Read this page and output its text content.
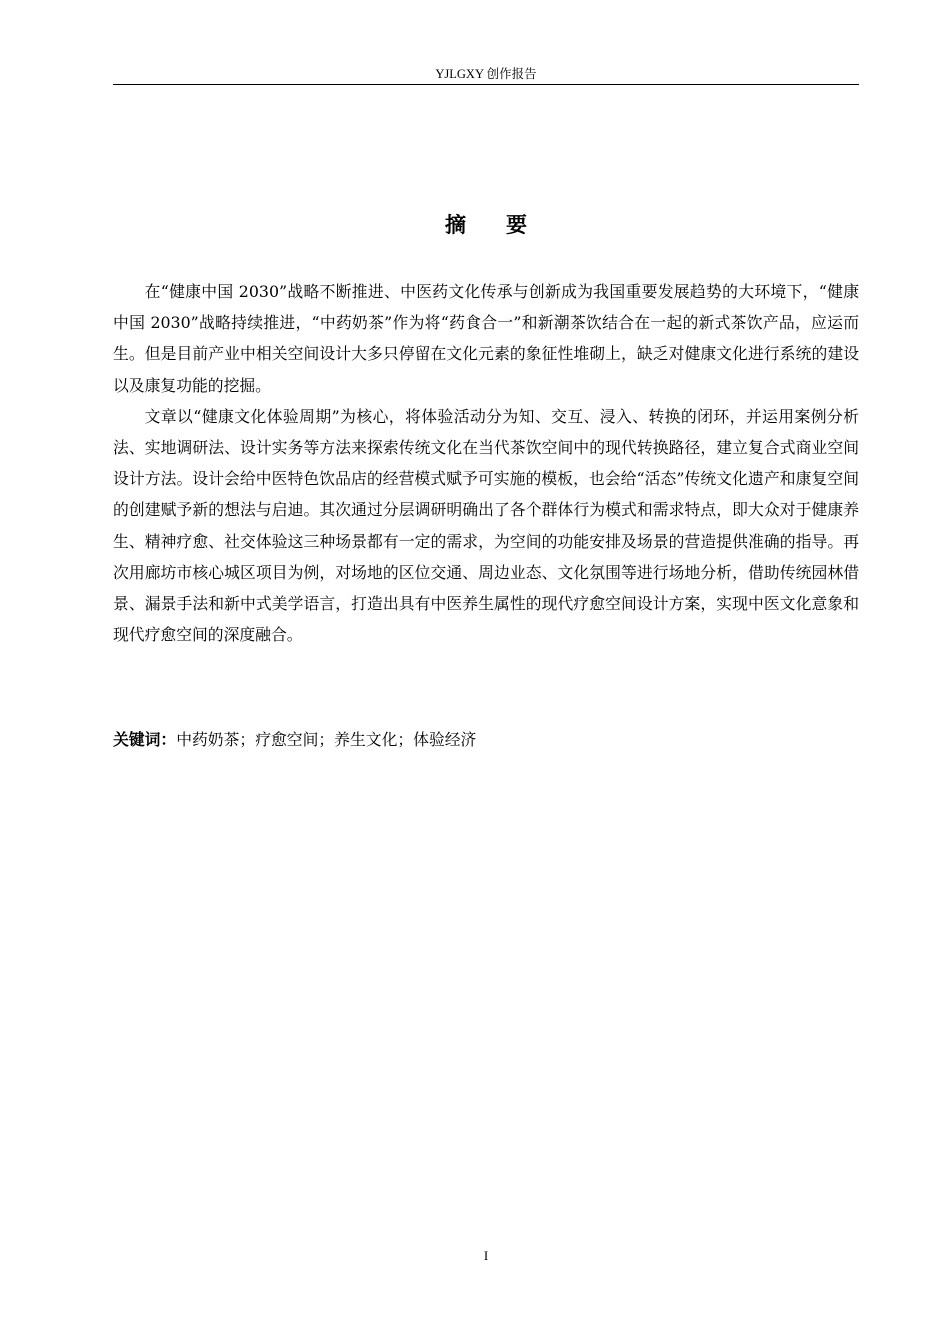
YJLGXY 创作报告
摘 要

在“健康中国 2030”战略不断推进、中医药文化传承与创新成为我国重要发展趋势的大环境下，“健康中国 2030”战略持续推进，“中药奶茶”作为将“药食合一”和新潮茶饮结合在一起的新式茶饮产品，应运而生。但是目前产业中相关空间设计大多只停留在文化元素的象征性堆砌上，缺乏对健康文化进行系统的建设以及康复功能的挖掘。

文章以“健康文化体验周期”为核心，将体验活动分为知、交互、浸入、转换的闭环，并运用案例分析法、实地调研法、设计实务等方法来探索传统文化在当代茶饮空间中的现代转换路径，建立复合式商业空间设计方法。设计会给中医特色饮品店的经营模式赋予可实施的模板，也会给“活态”传统文化遗产和康复空间的创建赋予新的想法与启迪。其次通过分层调研明确出了各个群体行为模式和需求特点，即大众对于健康养生、精神疗愈、社交体验这三种场景都有一定的需求，为空间的功能安排及场景的营造提供准确的指导。再次用廊坊市核心城区项目为例，对场地的区位交通、周边业态、文化氛围等进行场地分析，借助传统园林借景、漏景手法和新中式美学语言，打造出具有中医养生属性的现代疗愈空间设计方案，实现中医文化意象和现代疗愈空间的深度融合。

关键词：中药奶茶；疗愈空间；养生文化；体验经济
I
